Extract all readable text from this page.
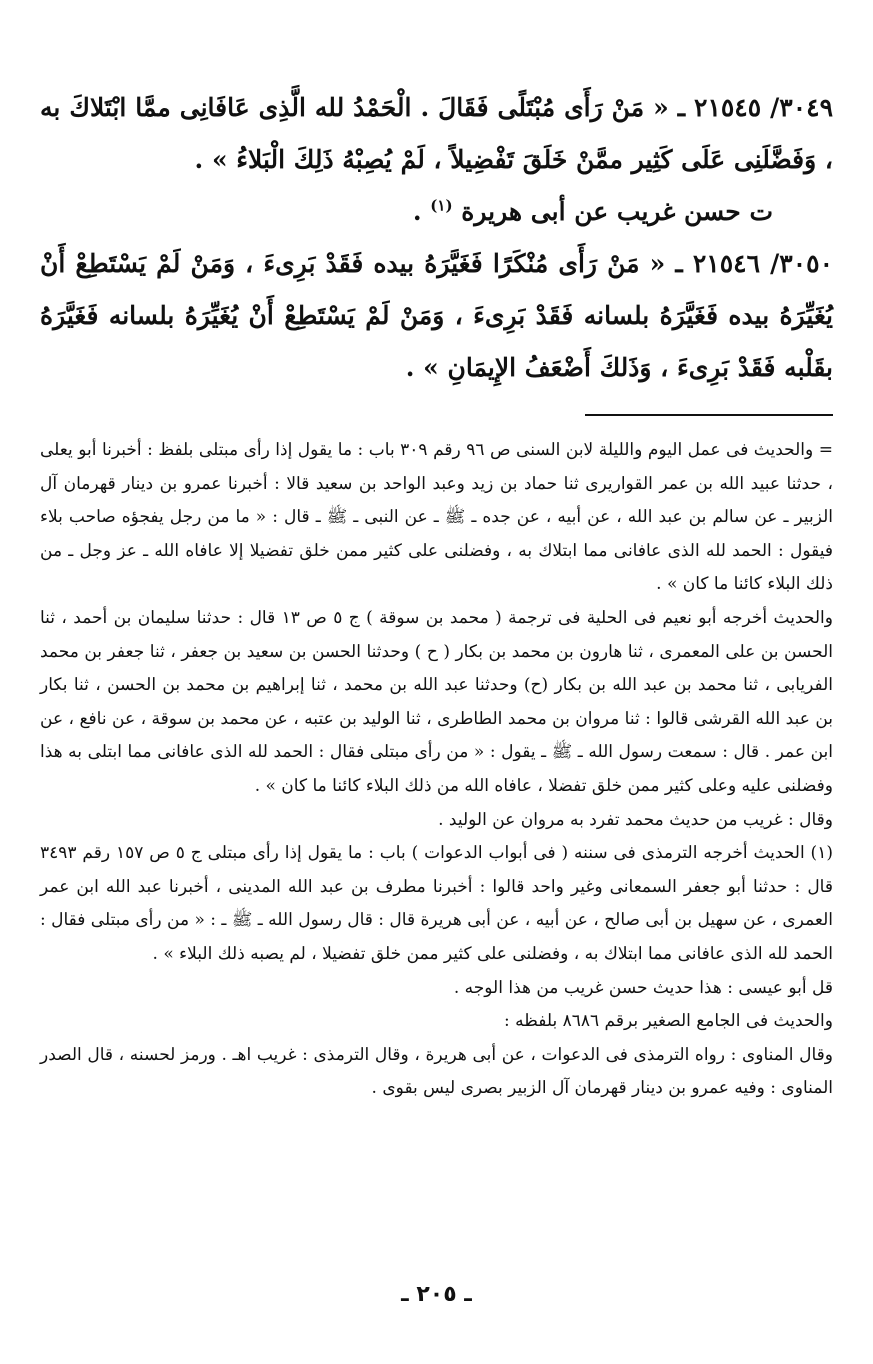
٣٠٤٩/ ٢١٥٤٥ ـ « مَنْ رَأَى مُبْتَلًى فَقَالَ . الْحَمْدُ لله الَّذِى عَافَانِى ممَّا ابْتَلاكَ به ، وَفَضَّلَنِى عَلَى كَثِير ممَّنْ خَلَقَ تَفْضِيلاً ، لَمْ يُصِبْهُ ذَلِكَ الْبَلاءُ » .

ت حسن غريب عن أبى هريرة $^{(١)}$ .

٣٠٥٠/ ٢١٥٤٦ ـ « مَنْ رَأَى مُنْكَرًا فَغَيَّرَهُ بيده فَقَدْ بَرِىءَ ، وَمَنْ لَمْ يَسْتَطِعْ أَنْ يُغَيِّرَهُ بيده فَغَيَّرَهُ بلسانه فَقَدْ بَرِىءَ ، وَمَنْ لَمْ يَسْتَطِعْ أَنْ يُغَيِّرَهُ بلسانه فَغَيَّرَهُ بقَلْبه فَقَدْ بَرِىءَ ، وَذَلكَ أَضْعَفُ الإِيمَانِ » .

= والحديث فى عمل اليوم والليلة لابن السنى ص ٩٦ رقم ٣٠٩ باب : ما يقول إذا رأى مبتلى بلفظ : أخبرنا أبو يعلى ، حدثنا عبيد الله بن عمر القواريرى ثنا حماد بن زيد وعبد الواحد بن سعيد قالا : أخبرنا عمرو بن دينار قهرمان آل الزبير ـ عن سالم بن عبد الله ، عن أبيه ، عن جده ـ ﷺ ـ عن النبى ـ ﷺ ـ قال : « ما من رجل يفجؤه صاحب بلاء فيقول : الحمد لله الذى عافانى مما ابتلاك به ، وفضلنى على كثير ممن خلق تفضيلا إلا عافاه الله ـ عز وجل ـ من ذلك البلاء كائنا ما كان » .

والحديث أخرجه أبو نعيم فى الحلية فى ترجمة ( محمد بن سوقة ) ج ٥ ص ١٣ قال : حدثنا سليمان بن أحمد ، ثنا الحسن بن على المعمرى ، ثنا هارون بن محمد بن بكار ( ح ) وحدثنا الحسن بن سعيد بن جعفر ، ثنا جعفر بن محمد الفريابى ، ثنا محمد بن عبد الله بن بكار (ح) وحدثنا عبد الله بن محمد ، ثنا إبراهيم بن محمد بن الحسن ، ثنا بكار بن عبد الله القرشى قالوا : ثنا مروان بن محمد الطاطرى ، ثنا الوليد بن عتبه ، عن محمد بن سوقة ، عن نافع ، عن ابن عمر . قال : سمعت رسول الله ـ ﷺ ـ يقول : « من رأى مبتلى فقال : الحمد لله الذى عافانى مما ابتلى به هذا وفضلنى عليه وعلى كثير ممن خلق تفضلا ، عافاه الله من ذلك البلاء كائنا ما كان » .

وقال : غريب من حديث محمد تفرد به مروان عن الوليد .

(١) الحديث أخرجه الترمذى فى سننه ( فى أبواب الدعوات ) باب : ما يقول إذا رأى مبتلى ج ٥ ص ١٥٧ رقم ٣٤٩٣ قال : حدثنا أبو جعفر السمعانى وغير واحد قالوا : أخبرنا مطرف بن عبد الله المدينى ، أخبرنا عبد الله ابن عمر العمرى ، عن سهيل بن أبى صالح ، عن أبيه ، عن أبى هريرة قال : قال رسول الله ـ ﷺ ـ : « من رأى مبتلى فقال : الحمد لله الذى عافانى مما ابتلاك به ، وفضلنى على كثير ممن خلق تفضيلا ، لم يصبه ذلك البلاء » .

قل أبو عيسى : هذا حديث حسن غريب من هذا الوجه .

والحديث فى الجامع الصغير برقم ٨٦٨٦ بلفظه :

وقال المناوى : رواه الترمذى فى الدعوات ، عن أبى هريرة ، وقال الترمذى : غريب اهـ . ورمز لحسنه ، قال الصدر المناوى : وفيه عمرو بن دينار قهرمان آل الزبير بصرى ليس بقوى .

ـ ٢٠٥ ـ
